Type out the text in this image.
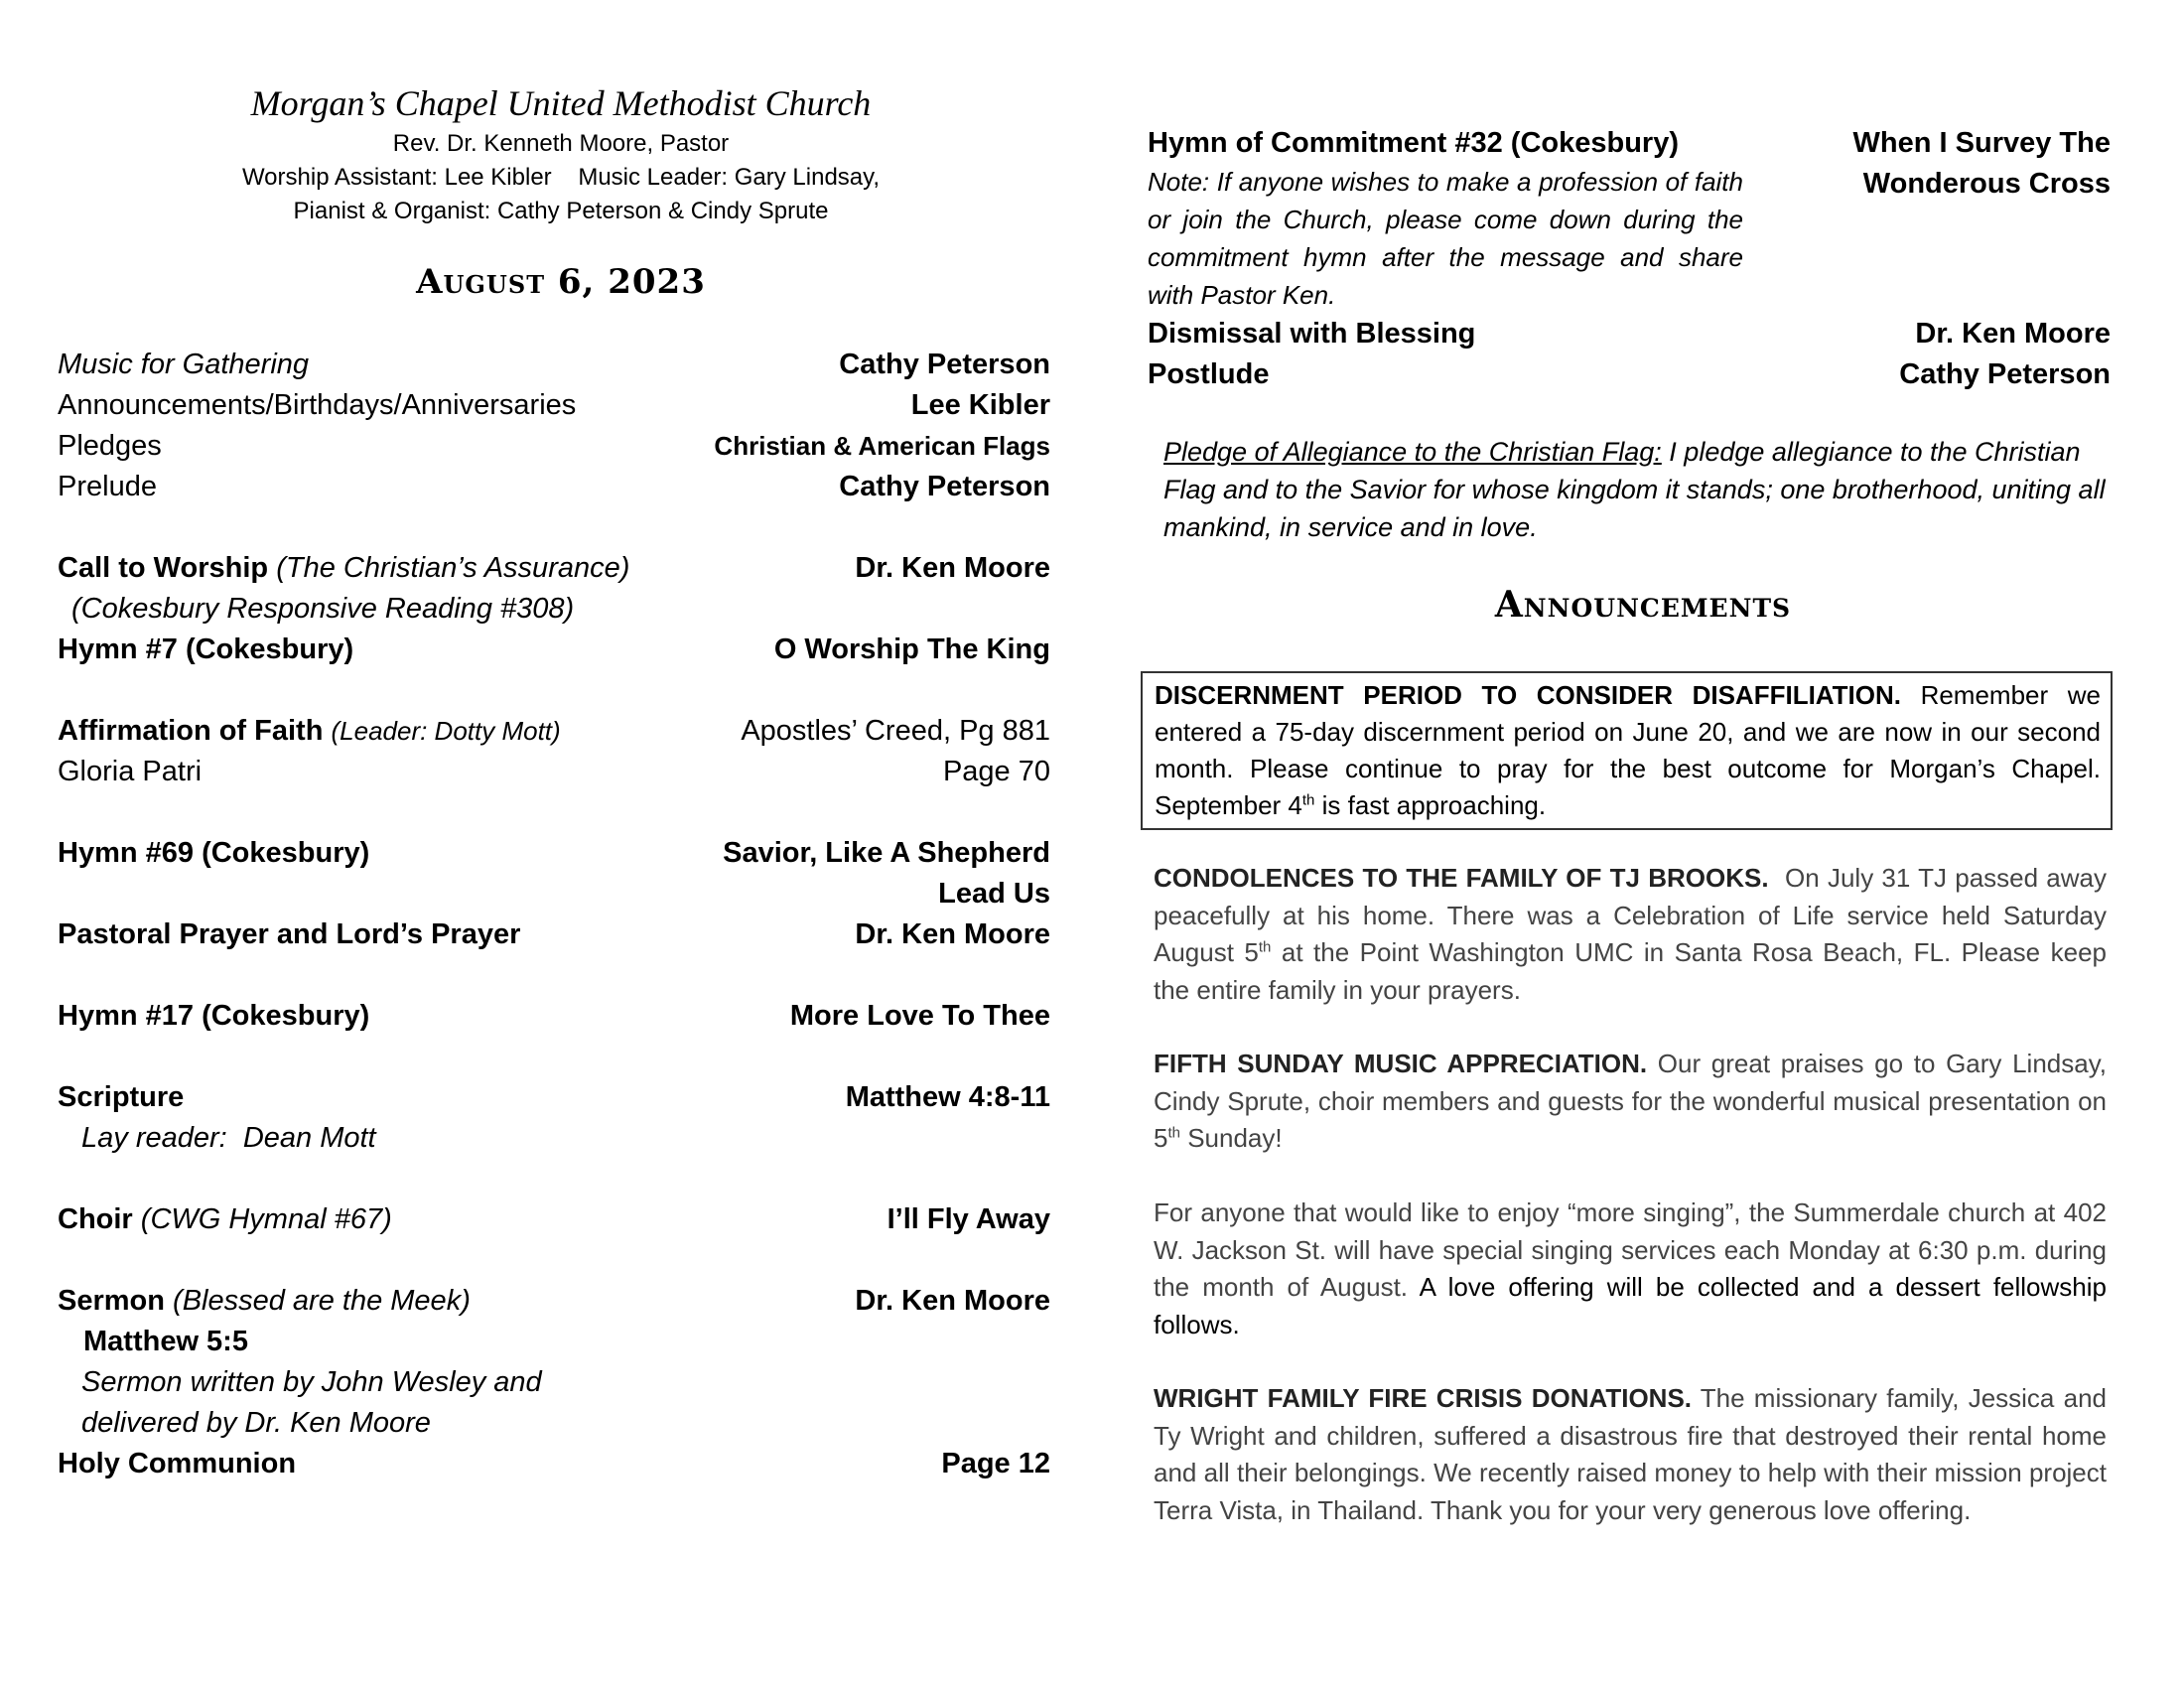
Morgan’s Chapel United Methodist Church
Rev. Dr. Kenneth Moore, Pastor
Worship Assistant: Lee Kibler    Music Leader: Gary Lindsay,
Pianist & Organist: Cathy Peterson & Cindy Sprute
August 6, 2023
Music for Gathering	Cathy Peterson
Announcements/Birthdays/Anniversaries	Lee Kibler
Pledges	Christian & American Flags
Prelude	Cathy Peterson
Call to Worship (The Christian’s Assurance)	Dr. Ken Moore
(Cokesbury Responsive Reading #308)
Hymn #7 (Cokesbury)	O Worship The King
Affirmation of Faith (Leader: Dotty Mott)	Apostles’ Creed, Pg 881
Gloria Patri	Page 70
Hymn #69 (Cokesbury)	Savior, Like A Shepherd
Lead Us
Pastoral Prayer and Lord’s Prayer	Dr. Ken Moore
Hymn #17 (Cokesbury)	More Love To Thee
Scripture	Matthew 4:8-11
Lay reader:  Dean Mott
Choir (CWG Hymnal #67)	I’ll Fly Away
Sermon (Blessed are the Meek)	Dr. Ken Moore
Matthew 5:5
Sermon written by John Wesley and
delivered by Dr. Ken Moore
Holy Communion	Page 12
Hymn of Commitment #32 (Cokesbury)	When I Survey The
Wonderous Cross
Note: If anyone wishes to make a profession of faith or join the Church, please come down during the commitment hymn after the message and share with Pastor Ken.
Dismissal with Blessing	Dr. Ken Moore
Postlude	Cathy Peterson
Pledge of Allegiance to the Christian Flag: I pledge allegiance to the Christian Flag and to the Savior for whose kingdom it stands; one brotherhood, uniting all mankind, in service and in love.
Announcements
DISCERNMENT PERIOD TO CONSIDER DISAFFILIATION. Remember we entered a 75-day discernment period on June 20, and we are now in our second month. Please continue to pray for the best outcome for Morgan’s Chapel. September 4th is fast approaching.
CONDOLENCES TO THE FAMILY OF TJ BROOKS.  On July 31 TJ passed away peacefully at his home. There was a Celebration of Life service held Saturday August 5th at the Point Washington UMC in Santa Rosa Beach, FL. Please keep the entire family in your prayers.
FIFTH SUNDAY MUSIC APPRECIATION. Our great praises go to Gary Lindsay, Cindy Sprute, choir members and guests for the wonderful musical presentation on  5th Sunday!
For anyone that would like to enjoy “more singing”, the Summerdale church at 402 W. Jackson St. will have special singing services each Monday at 6:30 p.m. during the month of August. A love offering will be collected and a dessert fellowship follows.
WRIGHT FAMILY FIRE CRISIS DONATIONS. The missionary family, Jessica and Ty Wright and children, suffered a disastrous fire that destroyed their rental home and all their belongings. We recently raised money to help with their mission project Terra Vista, in Thailand. Thank you for your very generous love offering.
